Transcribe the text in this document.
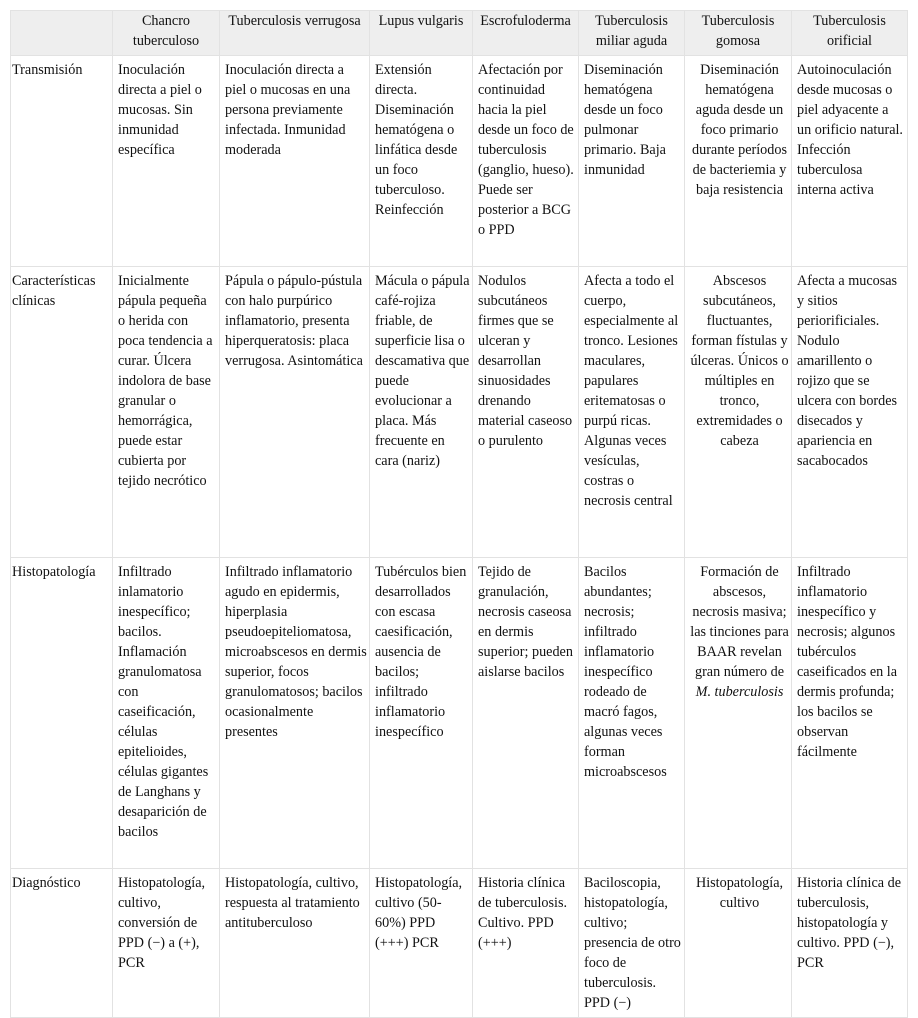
	Chancro tuberculoso	Tuberculosis verrugosa	Lupus vulgaris	Escrofuloderma	Tuberculosis miliar aguda	Tuberculosis gomosa	Tuberculosis orificial
Transmisión	Inoculación directa a piel o mucosas. Sin inmunidad específica	Inoculación directa a piel o mucosas en una persona previamente infectada. Inmunidad moderada	Extensión directa. Diseminación hematógena o linfática desde un foco tuberculoso. Reinfección	Afectación por continuidad hacia la piel desde un foco de tuberculosis (ganglio, hueso). Puede ser posterior a BCG o PPD	Diseminación hematógena desde un foco pulmonar primario. Baja inmunidad	Diseminación hematógena aguda desde un foco primario durante períodos de bacteriemia y baja resistencia	Autoinoculación desde mucosas o piel adyacente a un orificio natural. Infección tuberculosa interna activa
Características clínicas	Inicialmente pápula pequeña o herida con poca tendencia a curar. Úlcera indolora de base granular o hemorrágica, puede estar cubierta por tejido necrótico	Pápula o pápulo-pústula con halo purpúrico inflamatorio, presenta hiperqueratosis: placa verrugosa. Asintomática	Mácula o pápula café-rojiza friable, de superficie lisa o descamativa que puede evolucionar a placa. Más frecuente en cara (nariz)	Nodulos subcutáneos firmes que se ulceran y desarrollan sinuosidades drenando material caseoso o purulento	Afecta a todo el cuerpo, especialmente al tronco. Lesiones maculares, papulares eritematosas o purpú ricas. Algunas veces vesículas, costras o necrosis central	Abscesos subcutáneos, fluctuantes, forman fístulas y úlceras. Únicos o múltiples en tronco, extremidades o cabeza	Afecta a mucosas y sitios periorificiales. Nodulo amarillento o rojizo que se ulcera con bordes disecados y apariencia en sacabocados
Histopatología	Infiltrado inlamatorio inespecífico; bacilos. Inflamación granulomatosa con caseificación, células epitelioides, células gigantes de Langhans y desaparición de bacilos	Infiltrado inflamatorio agudo en epidermis, hiperplasia pseudoepiteliomatosa, microabscesos en dermis superior, focos granulomatosos; bacilos ocasionalmente presentes	Tubérculos bien desarrollados con escasa caesificación, ausencia de bacilos; infiltrado inflamatorio inespecífico	Tejido de granulación, necrosis caseosa en dermis superior; pueden aislarse bacilos	Bacilos abundantes; necrosis; infiltrado inflamatorio inespecífico rodeado de macró fagos, algunas veces forman microabscesos	Formación de abscesos, necrosis masiva; las tinciones para BAAR revelan gran número de M. tuberculosis	Infiltrado inflamatorio inespecífico y necrosis; algunos tubérculos caseificados en la dermis profunda; los bacilos se observan fácilmente
Diagnóstico	Histopatología, cultivo, conversión de PPD (−) a (+), PCR	Histopatología, cultivo, respuesta al tratamiento antituberculoso	Histopatología, cultivo (50-60%) PPD (+++) PCR	Historia clínica de tuberculosis. Cultivo. PPD (+++)	Baciloscopia, histopatología, cultivo; presencia de otro foco de tuberculosis. PPD (−)	Histopatología, cultivo	Historia clínica de tuberculosis, histopatología y cultivo. PPD (−), PCR
